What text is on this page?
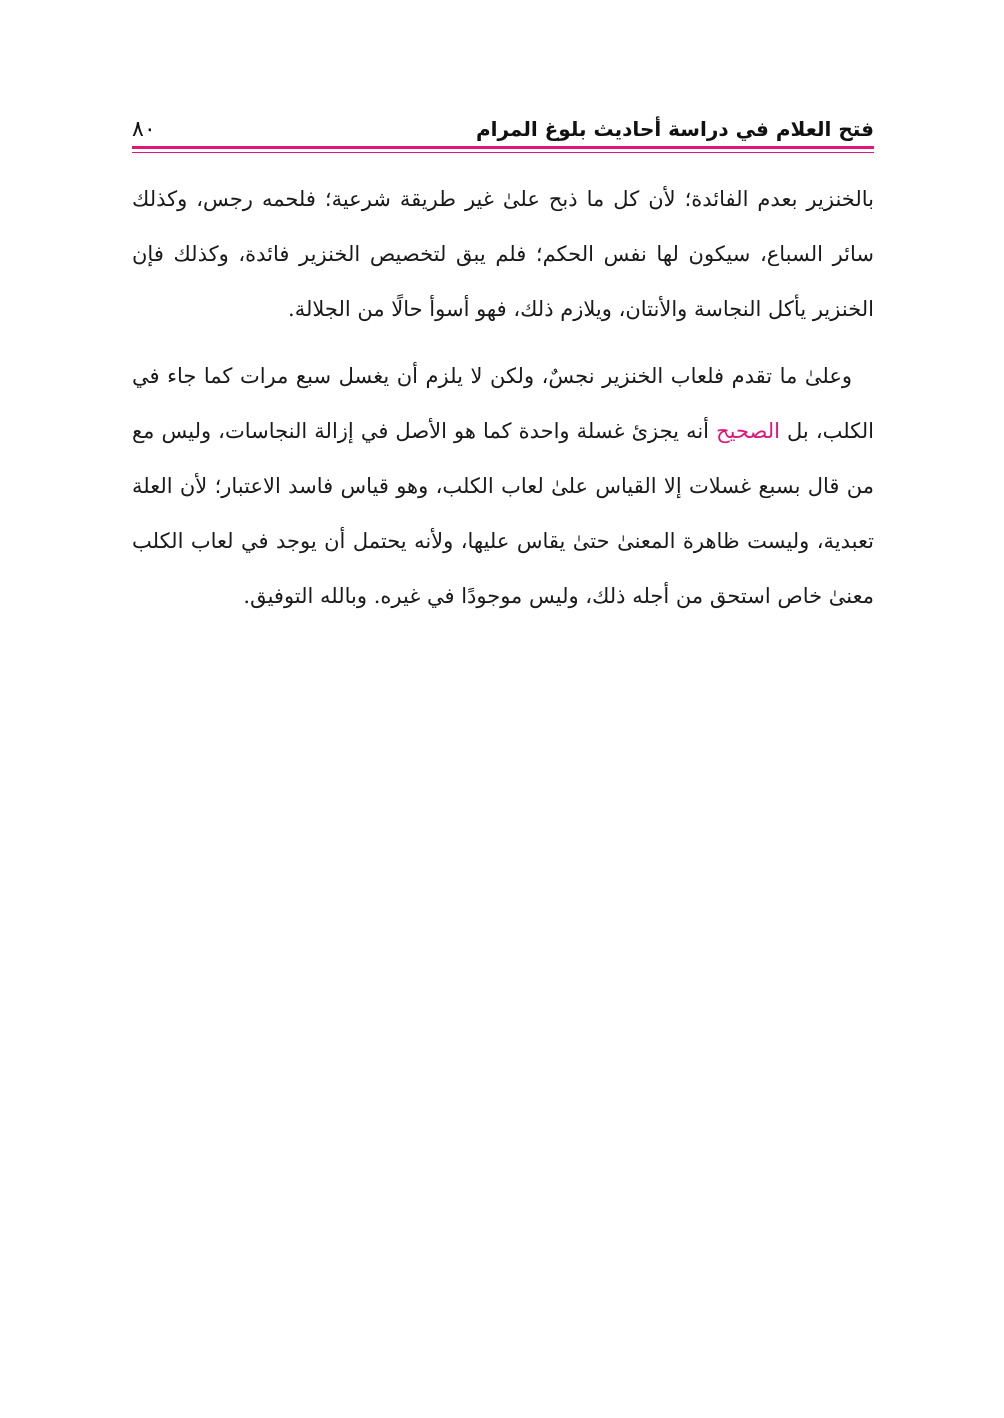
فتح العلام في دراسة أحاديث بلوغ المرام
٨٠

بالخنزير بعدم الفائدة؛ لأن كل ما ذبح علىٰ غير طريقة شرعية؛ فلحمه رجس، وكذلك سائر السباع، سيكون لها نفس الحكم؛ فلم يبق لتخصيص الخنزير فائدة، وكذلك فإن الخنزير يأكل النجاسة والأنتان، ويلازم ذلك، فهو أسوأ حالًا من الجلالة.

وعلىٰ ما تقدم فلعاب الخنزير نجسٌ، ولكن لا يلزم أن يغسل سبع مرات كما جاء في الكلب، بل الصحيح أنه يجزئ غسلة واحدة كما هو الأصل في إزالة النجاسات، وليس مع من قال بسبع غسلات إلا القياس علىٰ لعاب الكلب، وهو قياس فاسد الاعتبار؛ لأن العلة تعبدية، وليست ظاهرة المعنىٰ حتىٰ يقاس عليها، ولأنه يحتمل أن يوجد في لعاب الكلب معنىٰ خاص استحق من أجله ذلك، وليس موجودًا في غيره. وبالله التوفيق.
